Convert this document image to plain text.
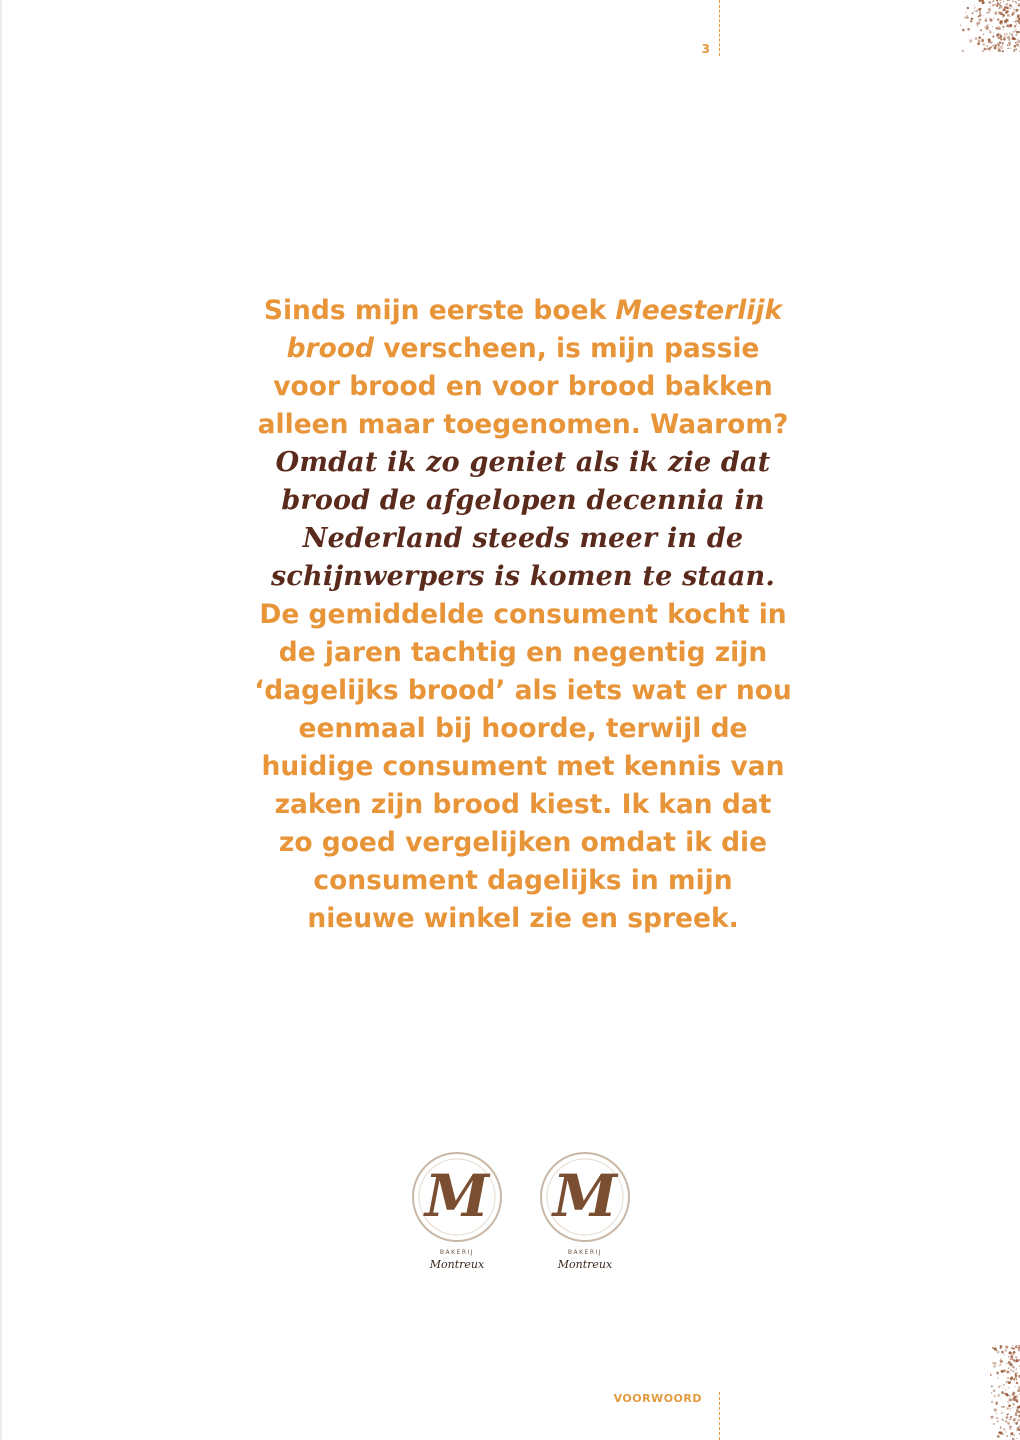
3
Sinds mijn eerste boek Meesterlijk
brood verscheen, is mijn passie
voor brood en voor brood bakken
alleen maar toegenomen. Waarom?
Omdat ik zo geniet als ik zie dat
brood de afgelopen decennia in
Nederland steeds meer in de
schijnwerpers is komen te staan.
De gemiddelde consument kocht in
de jaren tachtig en negentig zijn
‘dagelijks brood’ als iets wat er nou
eenmaal bij hoorde, terwijl de
huidige consument met kennis van
zaken zijn brood kiest. Ik kan dat
zo goed vergelijken omdat ik die
consument dagelijks in mijn
nieuwe winkel zie en spreek.
M
BAKERIJ
Montreux
M
BAKERIJ
Montreux
VOORWOORD
